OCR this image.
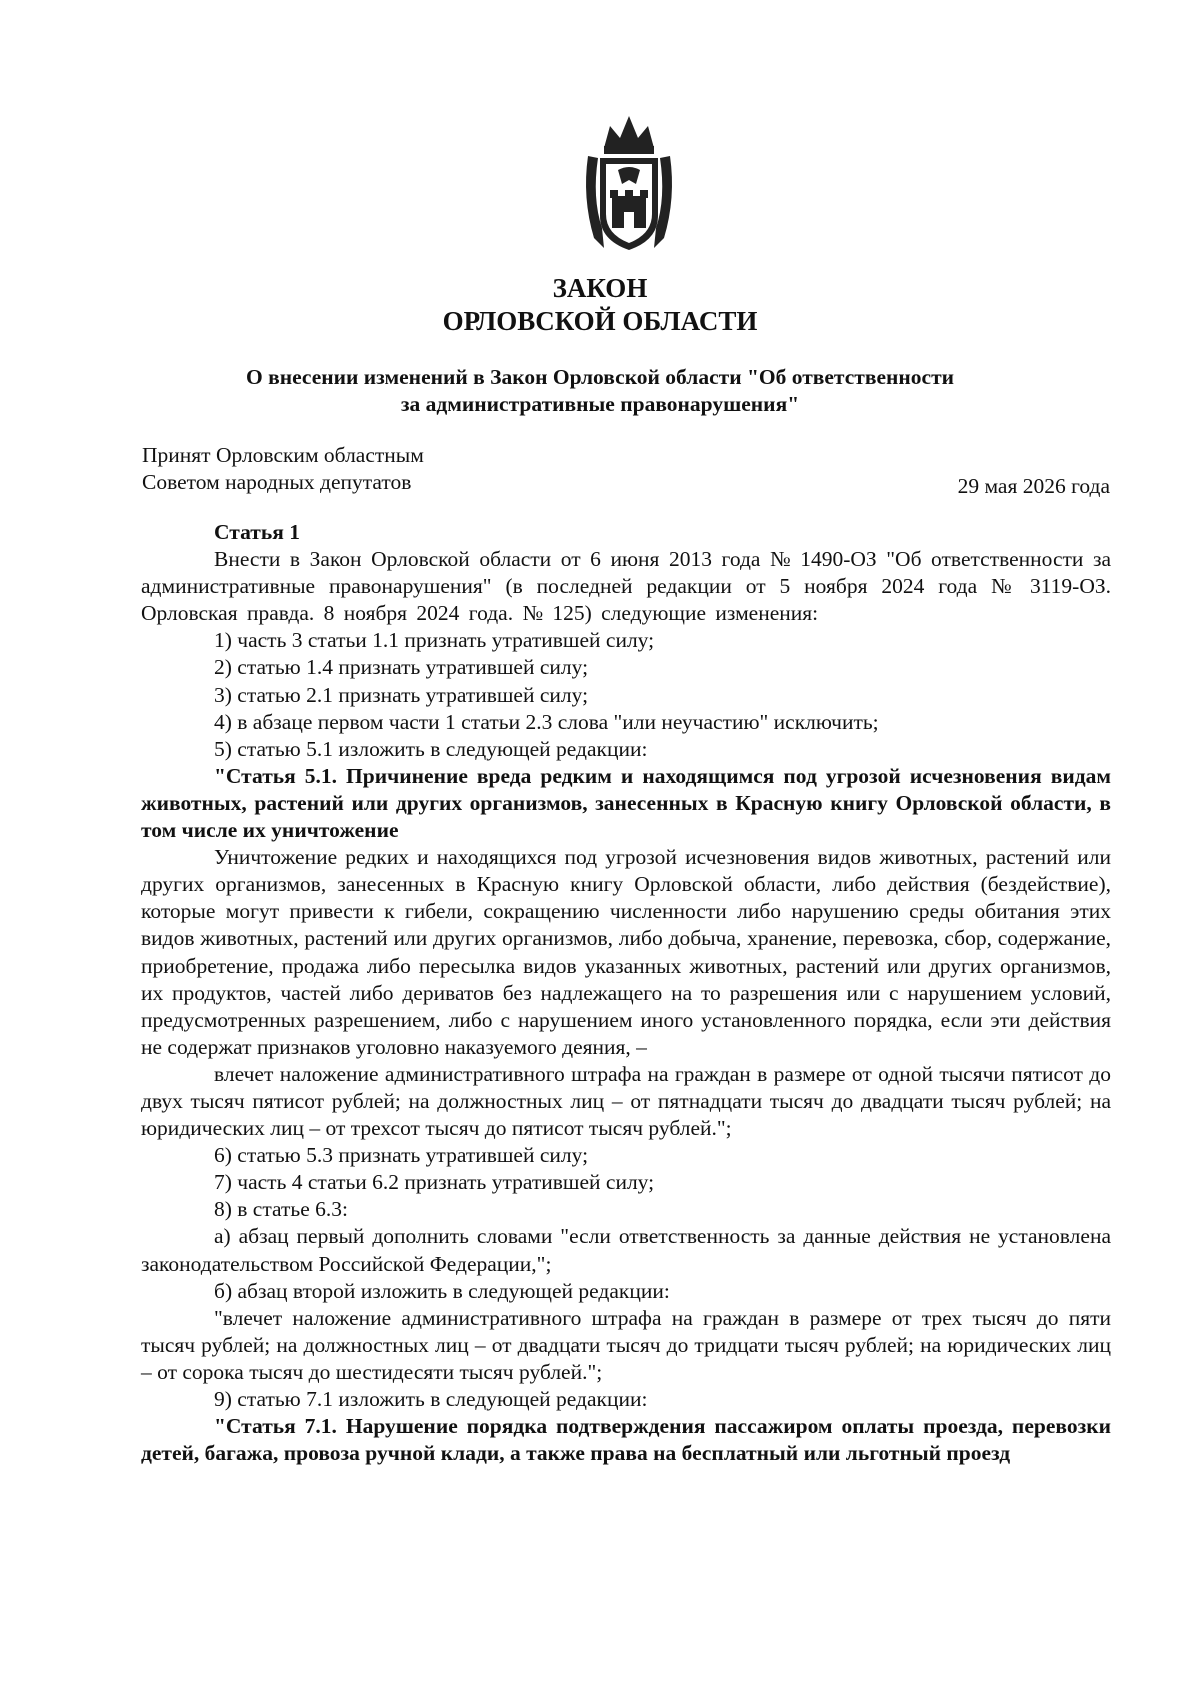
ЗАКОН
ОРЛОВСКОЙ ОБЛАСТИ
О внесении изменений в Закон Орловской области "Об ответственности
за административные правонарушения"
Принят Орловским областным
Советом народных депутатов	29 мая 2026 года

Статья 1

Внести в Закон Орловской области от 6 июня 2013 года № 1490-ОЗ "Об ответственности за административные правонарушения" (в последней редакции от 5 ноября 2024 года № 3119-ОЗ. Орловская правда. 8 ноября 2024 года. № 125) следующие изменения:

1) часть 3 статьи 1.1 признать утратившей силу;

2) статью 1.4 признать утратившей силу;

3) статью 2.1 признать утратившей силу;

4) в абзаце первом части 1 статьи 2.3 слова "или неучастию" исключить;

5) статью 5.1 изложить в следующей редакции:

"Статья 5.1. Причинение вреда редким и находящимся под угрозой исчезновения видам животных, растений или других организмов, занесенных в Красную книгу Орловской области, в том числе их уничтожение

Уничтожение редких и находящихся под угрозой исчезновения видов животных, растений или других организмов, занесенных в Красную книгу Орловской области, либо действия (бездействие), которые могут привести к гибели, сокращению численности либо нарушению среды обитания этих видов животных, растений или других организмов, либо добыча, хранение, перевозка, сбор, содержание, приобретение, продажа либо пересылка видов указанных животных, растений или других организмов, их продуктов, частей либо дериватов без надлежащего на то разрешения или с нарушением условий, предусмотренных разрешением, либо с нарушением иного установленного порядка, если эти действия не содержат признаков уголовно наказуемого деяния, –

влечет наложение административного штрафа на граждан в размере от одной тысячи пятисот до двух тысяч пятисот рублей; на должностных лиц – от пятнадцати тысяч до двадцати тысяч рублей; на юридических лиц – от трехсот тысяч до пятисот тысяч рублей.";

6) статью 5.3 признать утратившей силу;

7) часть 4 статьи 6.2 признать утратившей силу;

8) в статье 6.3:

а) абзац первый дополнить словами "если ответственность за данные действия не установлена законодательством Российской Федерации,";

б) абзац второй изложить в следующей редакции:

"влечет наложение административного штрафа на граждан в размере от трех тысяч до пяти тысяч рублей; на должностных лиц – от двадцати тысяч до тридцати тысяч рублей; на юридических лиц – от сорока тысяч до шестидесяти тысяч рублей.";

9) статью 7.1 изложить в следующей редакции:

"Статья 7.1. Нарушение порядка подтверждения пассажиром оплаты проезда, перевозки детей, багажа, провоза ручной клади, а также права на бесплатный или льготный проезд
